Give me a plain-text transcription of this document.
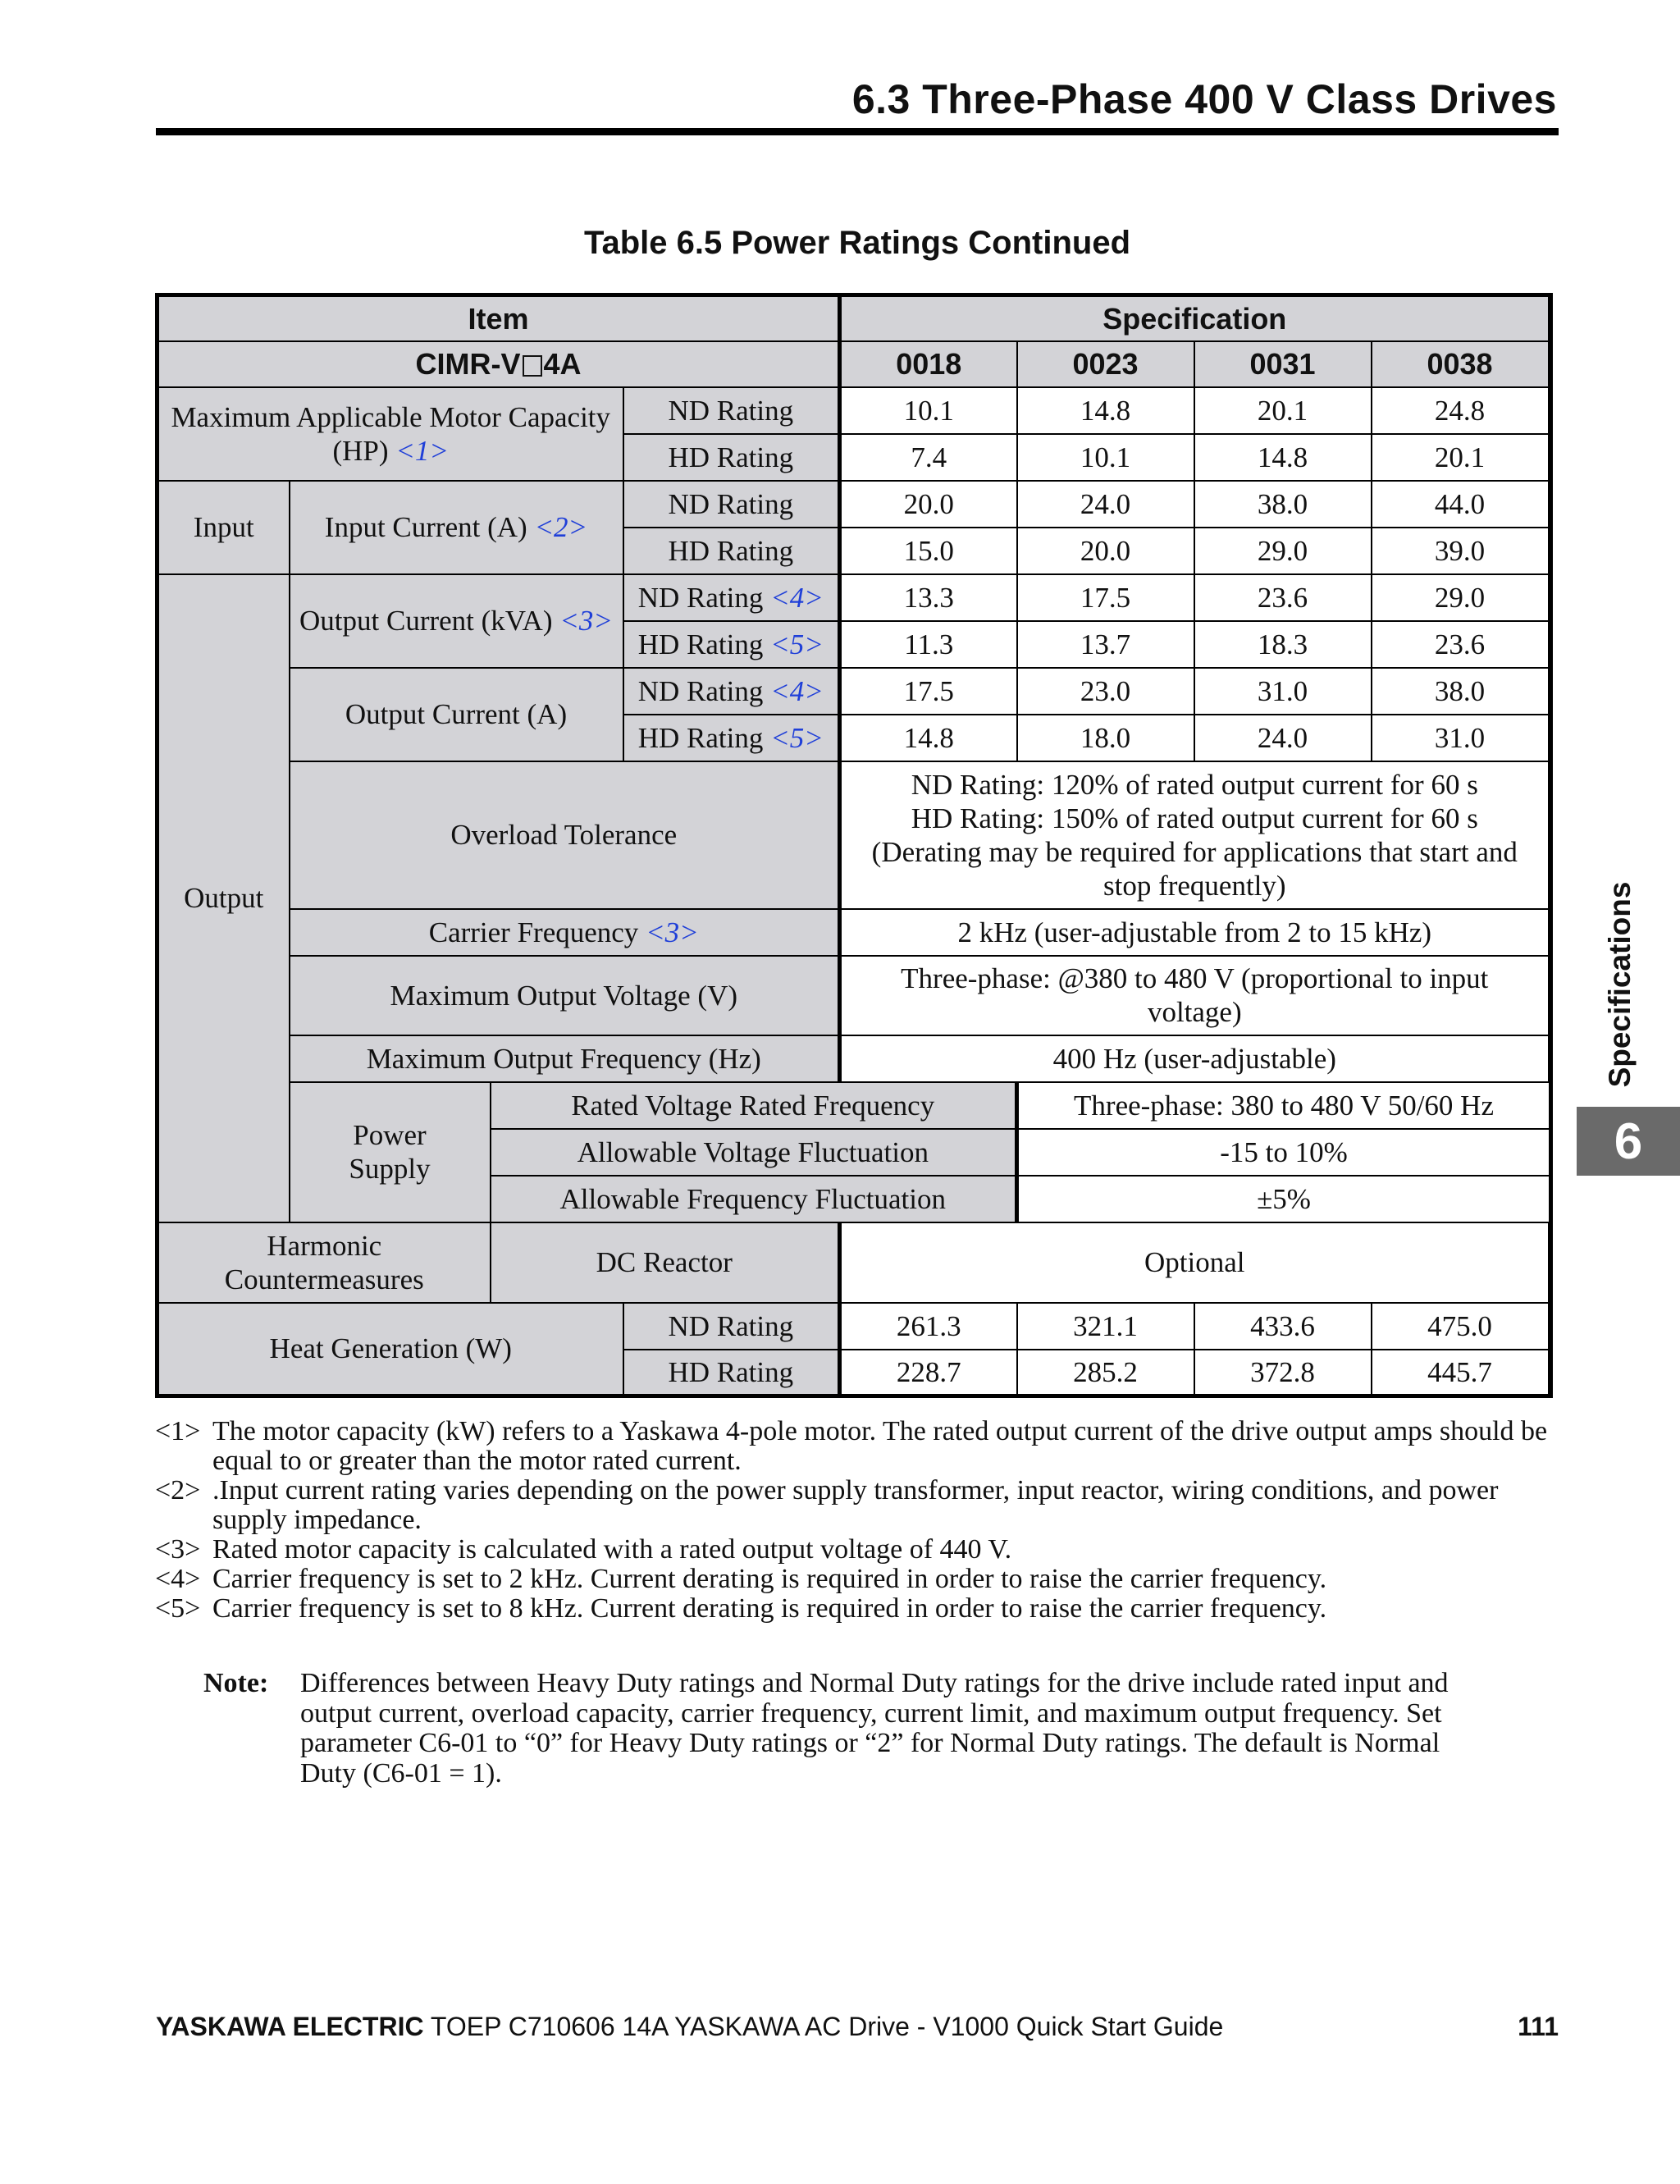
6.3 Three-Phase 400 V Class Drives
Table 6.5 Power Ratings Continued
Item				Specification			
CIMR-V 4A				0018	0023	0031	0038
Maximum Applicable Motor Capacity (HP) <1>			ND Rating	10.1	14.8	20.1	24.8
			HD Rating	7.4	10.1	14.8	20.1
Input	Input Current (A) <2>		ND Rating	20.0	24.0	38.0	44.0
			HD Rating	15.0	20.0	29.0	39.0
Output	Output Current (kVA) <3>		ND Rating <4>	13.3	17.5	23.6	29.0
			HD Rating <5>	11.3	13.7	18.3	23.6
	Output Current (A)		ND Rating <4>	17.5	23.0	31.0	38.0
			HD Rating <5>	14.8	18.0	24.0	31.0
	Overload Tolerance			ND Rating: 120% of rated output current for 60 s
HD Rating: 150% of rated output current for 60 s
(Derating may be required for applications that start and
stop frequently)			

	Carrier Frequency <3>			2 kHz (user-adjustable from 2 to 15 kHz)			
	Maximum Output Voltage (V)			Three-phase: @380 to 480 V (proportional to input
voltage)			

	Maximum Output Frequency (Hz)			400 Hz (user-adjustable)			

	Power
Supply	Rated Voltage Rated Frequency			Three-phase: 380 to 480 V 50/60 Hz		
		Allowable Voltage Fluctuation			-15 to 10%		
		Allowable Frequency Fluctuation			±5%		

Harmonic
Countermeasures		DC Reactor		Optional			
Heat Generation (W)			ND Rating	261.3	321.1	433.6	475.0
			HD Rating	228.7	285.2	372.8	445.7
<1> The motor capacity (kW) refers to a Yaskawa 4-pole motor. The rated output current of the drive output amps should be equal to or greater than the motor rated current.
<2> .Input current rating varies depending on the power supply transformer, input reactor, wiring conditions, and power supply impedance.
<3> Rated motor capacity is calculated with a rated output voltage of 440 V.
<4> Carrier frequency is set to 2 kHz. Current derating is required in order to raise the carrier frequency.
<5> Carrier frequency is set to 8 kHz. Current derating is required in order to raise the carrier frequency.
Note:	Differences between Heavy Duty ratings and Normal Duty ratings for the drive include rated input and output current, overload capacity, carrier frequency, current limit, and maximum output frequency. Set parameter C6-01 to “0” for Heavy Duty ratings or “2” for Normal Duty ratings. The default is Normal Duty (C6-01 = 1).
Specifications
6
YASKAWA ELECTRIC TOEP C710606 14A YASKAWA AC Drive - V1000 Quick Start Guide	111
